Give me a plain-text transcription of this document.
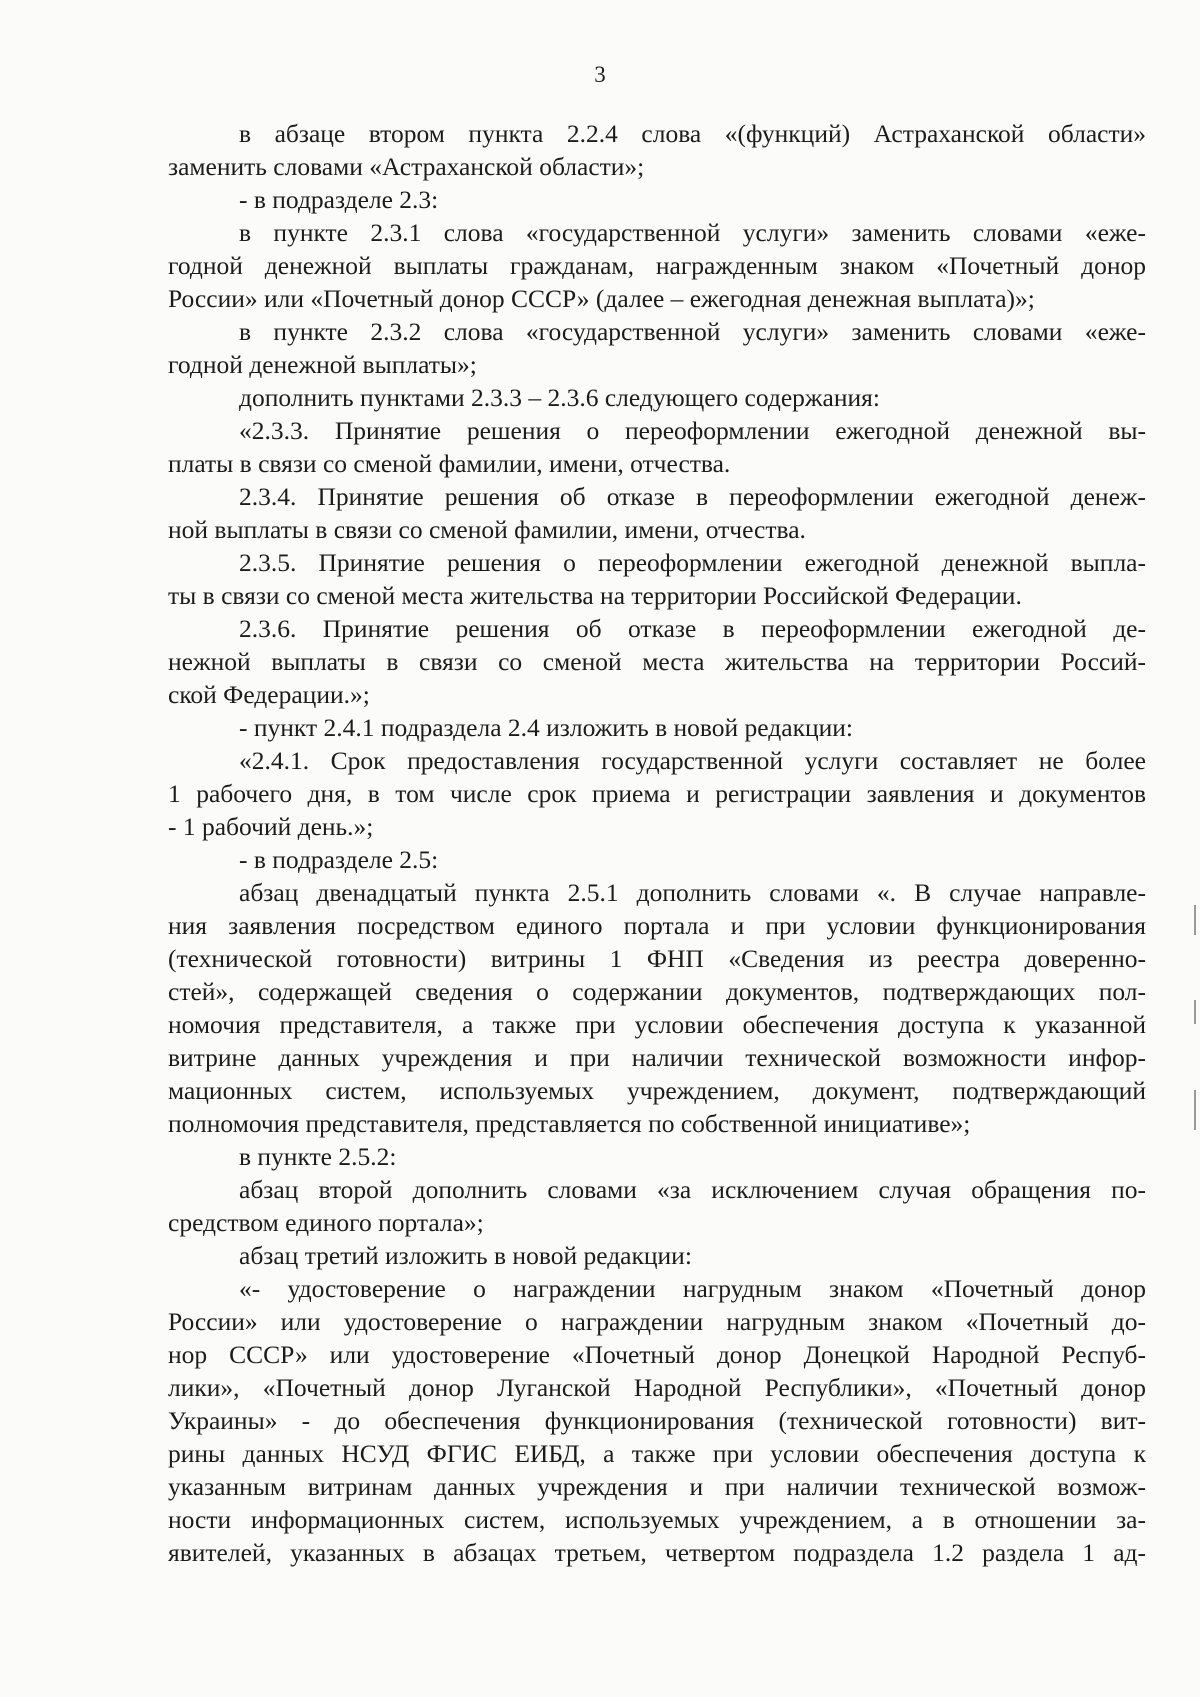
3
в абзаце втором пункта 2.2.4 слова «(функций) Астраханской области»
заменить словами «Астраханской области»;
- в подразделе 2.3:
в пункте 2.3.1 слова «государственной услуги» заменить словами «еже-
годной денежной выплаты гражданам, награжденным знаком «Почетный донор
России» или «Почетный донор СССР» (далее – ежегодная денежная выплата)»;
в пункте 2.3.2 слова «государственной услуги» заменить словами «еже-
годной денежной выплаты»;
дополнить пунктами 2.3.3 – 2.3.6 следующего содержания:
«2.3.3. Принятие решения о переоформлении ежегодной денежной вы-
платы в связи со сменой фамилии, имени, отчества.
2.3.4. Принятие решения об отказе в переоформлении ежегодной денеж-
ной выплаты в связи со сменой фамилии, имени, отчества.
2.3.5. Принятие решения о переоформлении ежегодной денежной выпла-
ты в связи со сменой места жительства на территории Российской Федерации.
2.3.6. Принятие решения об отказе в переоформлении ежегодной де-
нежной выплаты в связи со сменой места жительства на территории Россий-
ской Федерации.»;
- пункт 2.4.1 подраздела 2.4 изложить в новой редакции:
«2.4.1. Срок предоставления государственной услуги составляет не более
1 рабочего дня, в том числе срок приема и регистрации заявления и документов
- 1 рабочий день.»;
- в подразделе 2.5:
абзац двенадцатый пункта 2.5.1 дополнить словами «. В случае направле-
ния заявления посредством единого портала и при условии функционирования
(технической готовности) витрины 1 ФНП «Сведения из реестра доверенно-
стей», содержащей сведения о содержании документов, подтверждающих пол-
номочия представителя, а также при условии обеспечения доступа к указанной
витрине данных учреждения и при наличии технической возможности инфор-
мационных систем, используемых учреждением, документ, подтверждающий
полномочия представителя, представляется по собственной инициативе»;
в пункте 2.5.2:
абзац второй дополнить словами «за исключением случая обращения по-
средством единого портала»;
абзац третий изложить в новой редакции:
«- удостоверение о награждении нагрудным знаком «Почетный донор
России» или удостоверение о награждении нагрудным знаком «Почетный до-
нор СССР» или удостоверение «Почетный донор Донецкой Народной Респуб-
лики», «Почетный донор Луганской Народной Республики», «Почетный донор
Украины» - до обеспечения функционирования (технической готовности) вит-
рины данных НСУД ФГИС ЕИБД, а также при условии обеспечения доступа к
указанным витринам данных учреждения и при наличии технической возмож-
ности информационных систем, используемых учреждением, а в отношении за-
явителей, указанных в абзацах третьем, четвертом подраздела 1.2 раздела 1 ад-
